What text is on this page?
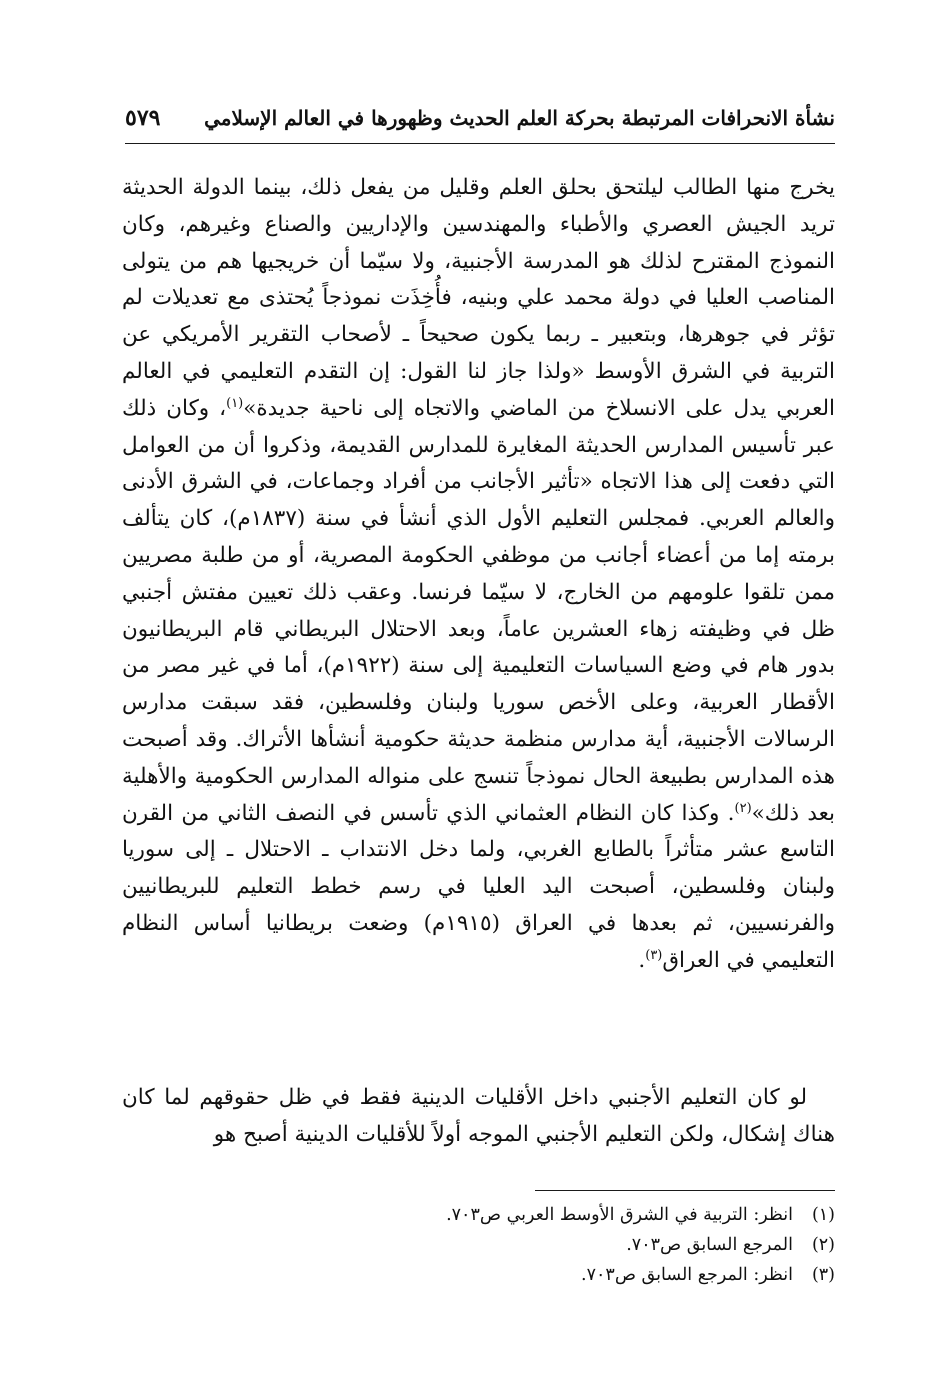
نشأة الانحرافات المرتبطة بحركة العلم الحديث وظهورها في العالم الإسلامي
٥٧٩

يخرج منها الطالب ليلتحق بحلق العلم وقليل من يفعل ذلك، بينما الدولة الحديثة تريد الجيش العصري والأطباء والمهندسين والإداريين والصناع وغيرهم، وكان النموذج المقترح لذلك هو المدرسة الأجنبية، ولا سيّما أن خريجيها هم من يتولى المناصب العليا في دولة محمد علي وبنيه، فأُخِذَت نموذجاً يُحتذى مع تعديلات لم تؤثر في جوهرها، وبتعبير ـ ربما يكون صحيحاً ـ لأصحاب التقرير الأمريكي عن التربية في الشرق الأوسط «ولذا جاز لنا القول: إن التقدم التعليمي في العالم العربي يدل على الانسلاخ من الماضي والاتجاه إلى ناحية جديدة»$^{(١)}$، وكان ذلك عبر تأسيس المدارس الحديثة المغايرة للمدارس القديمة، وذكروا أن من العوامل التي دفعت إلى هذا الاتجاه «تأثير الأجانب من أفراد وجماعات، في الشرق الأدنى والعالم العربي. فمجلس التعليم الأول الذي أنشأ في سنة (١٨٣٧م)، كان يتألف برمته إما من أعضاء أجانب من موظفي الحكومة المصرية، أو من طلبة مصريين ممن تلقوا علومهم من الخارج، لا سيّما فرنسا. وعقب ذلك تعيين مفتش أجنبي ظل في وظيفته زهاء العشرين عاماً، وبعد الاحتلال البريطاني قام البريطانيون بدور هام في وضع السياسات التعليمية إلى سنة (١٩٢٢م)، أما في غير مصر من الأقطار العربية، وعلى الأخص سوريا ولبنان وفلسطين، فقد سبقت مدارس الرسالات الأجنبية، أية مدارس منظمة حديثة حكومية أنشأها الأتراك. وقد أصبحت هذه المدارس بطبيعة الحال نموذجاً تنسج على منواله المدارس الحكومية والأهلية بعد ذلك»$^{(٢)}$. وكذا كان النظام العثماني الذي تأسس في النصف الثاني من القرن التاسع عشر متأثراً بالطابع الغربي، ولما دخل الانتداب ـ الاحتلال ـ إلى سوريا ولبنان وفلسطين، أصبحت اليد العليا في رسم خطط التعليم للبريطانيين والفرنسيين، ثم بعدها في العراق (١٩١٥م) وضعت بريطانيا أساس النظام التعليمي في العراق$^{(٣)}$.

لو كان التعليم الأجنبي داخل الأقليات الدينية فقط في ظل حقوقهم لما كان هناك إشكال، ولكن التعليم الأجنبي الموجه أولاً للأقليات الدينية أصبح هو

(١)
انظر: التربية في الشرق الأوسط العربي ص٧٠٣.
(٢)
المرجع السابق ص٧٠٣.
(٣)
انظر: المرجع السابق ص٧٠٣.
